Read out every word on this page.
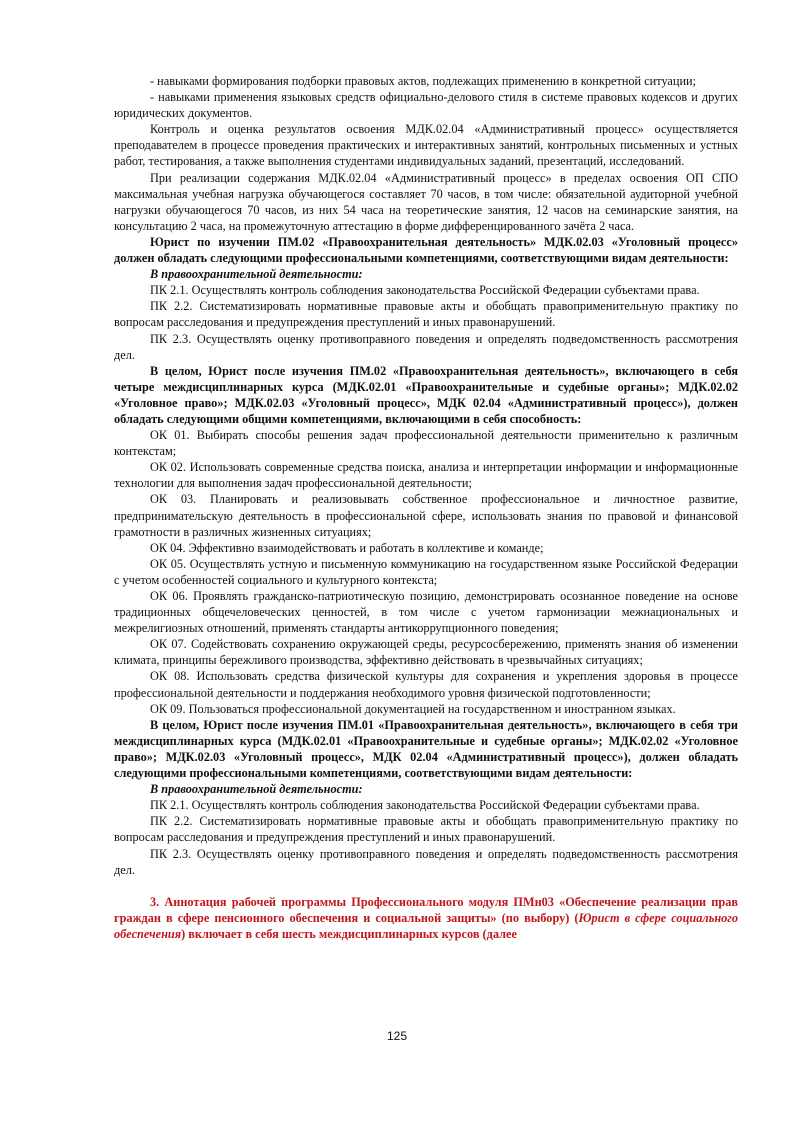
- навыками формирования подборки правовых актов, подлежащих применению в конкретной ситуации;

- навыками применения языковых средств официально-делового стиля в системе правовых кодексов и других юридических документов.

Контроль и оценка результатов освоения МДК.02.04 «Административный процесс» осуществляется преподавателем в процессе проведения практических и интерактивных занятий, контрольных письменных и устных работ, тестирования, а также выполнения студентами индивидуальных заданий, презентаций, исследований.

При реализации содержания МДК.02.04 «Административный процесс» в пределах освоения ОП СПО максимальная учебная нагрузка обучающегося составляет 70 часов, в том числе: обязательной аудиторной учебной нагрузки обучающегося 70 часов, из них 54 часа на теоретические занятия, 12 часов на семинарские занятия, на консультацию 2 часа, на промежуточную аттестацию в форме дифференцированного зачёта 2 часа.

Юрист по изучении ПМ.02 «Правоохранительная деятельность» МДК.02.03 «Уголовный процесс» должен обладать следующими профессиональными компетенциями, соответствующими видам деятельности:

В правоохранительной деятельности:

ПК 2.1. Осуществлять контроль соблюдения законодательства Российской Федерации субъектами права.

ПК 2.2. Систематизировать нормативные правовые акты и обобщать правоприменительную практику по вопросам расследования и предупреждения преступлений и иных правонарушений.

ПК 2.3. Осуществлять оценку противоправного поведения и определять подведомственность рассмотрения дел.

В целом, Юрист после изучения ПМ.02 «Правоохранительная деятельность», включающего в себя четыре междисциплинарных курса (МДК.02.01 «Правоохранительные и судебные органы»; МДК.02.02 «Уголовное право»; МДК.02.03 «Уголовный процесс», МДК 02.04 «Административный процесс»), должен обладать следующими общими компетенциями, включающими в себя способность:

ОК 01. Выбирать способы решения задач профессиональной деятельности применительно к различным контекстам;

ОК 02. Использовать современные средства поиска, анализа и интерпретации информации и информационные технологии для выполнения задач профессиональной деятельности;

ОК 03. Планировать и реализовывать собственное профессиональное и личностное развитие, предпринимательскую деятельность в профессиональной сфере, использовать знания по правовой и финансовой грамотности в различных жизненных ситуациях;

ОК 04. Эффективно взаимодействовать и работать в коллективе и команде;

ОК 05. Осуществлять устную и письменную коммуникацию на государственном языке Российской Федерации с учетом особенностей социального и культурного контекста;

ОК 06. Проявлять гражданско-патриотическую позицию, демонстрировать осознанное поведение на основе традиционных общечеловеческих ценностей, в том числе с учетом гармонизации межнациональных и межрелигиозных отношений, применять стандарты антикоррупционного поведения;

ОК 07. Содействовать сохранению окружающей среды, ресурсосбережению, применять знания об изменении климата, принципы бережливого производства, эффективно действовать в чрезвычайных ситуациях;

ОК 08. Использовать средства физической культуры для сохранения и укрепления здоровья в процессе профессиональной деятельности и поддержания необходимого уровня физической подготовленности;

ОК 09. Пользоваться профессиональной документацией на государственном и иностранном языках.

В целом, Юрист после изучения ПМ.01 «Правоохранительная деятельность», включающего в себя три междисциплинарных курса (МДК.02.01 «Правоохранительные и судебные органы»; МДК.02.02 «Уголовное право»; МДК.02.03 «Уголовный процесс», МДК 02.04 «Административный процесс»), должен обладать следующими профессиональными компетенциями, соответствующими видам деятельности:

В правоохранительной деятельности:

ПК 2.1. Осуществлять контроль соблюдения законодательства Российской Федерации субъектами права.

ПК 2.2. Систематизировать нормативные правовые акты и обобщать правоприменительную практику по вопросам расследования и предупреждения преступлений и иных правонарушений.

ПК 2.3. Осуществлять оценку противоправного поведения и определять подведомственность рассмотрения дел.

3. Аннотация рабочей программы Профессионального модуля ПМн03 «Обеспечение реализации прав граждан в сфере пенсионного обеспечения и социальной защиты» (по выбору) (Юрист в сфере социального обеспечения) включает в себя шесть междисциплинарных курсов (далее

125
